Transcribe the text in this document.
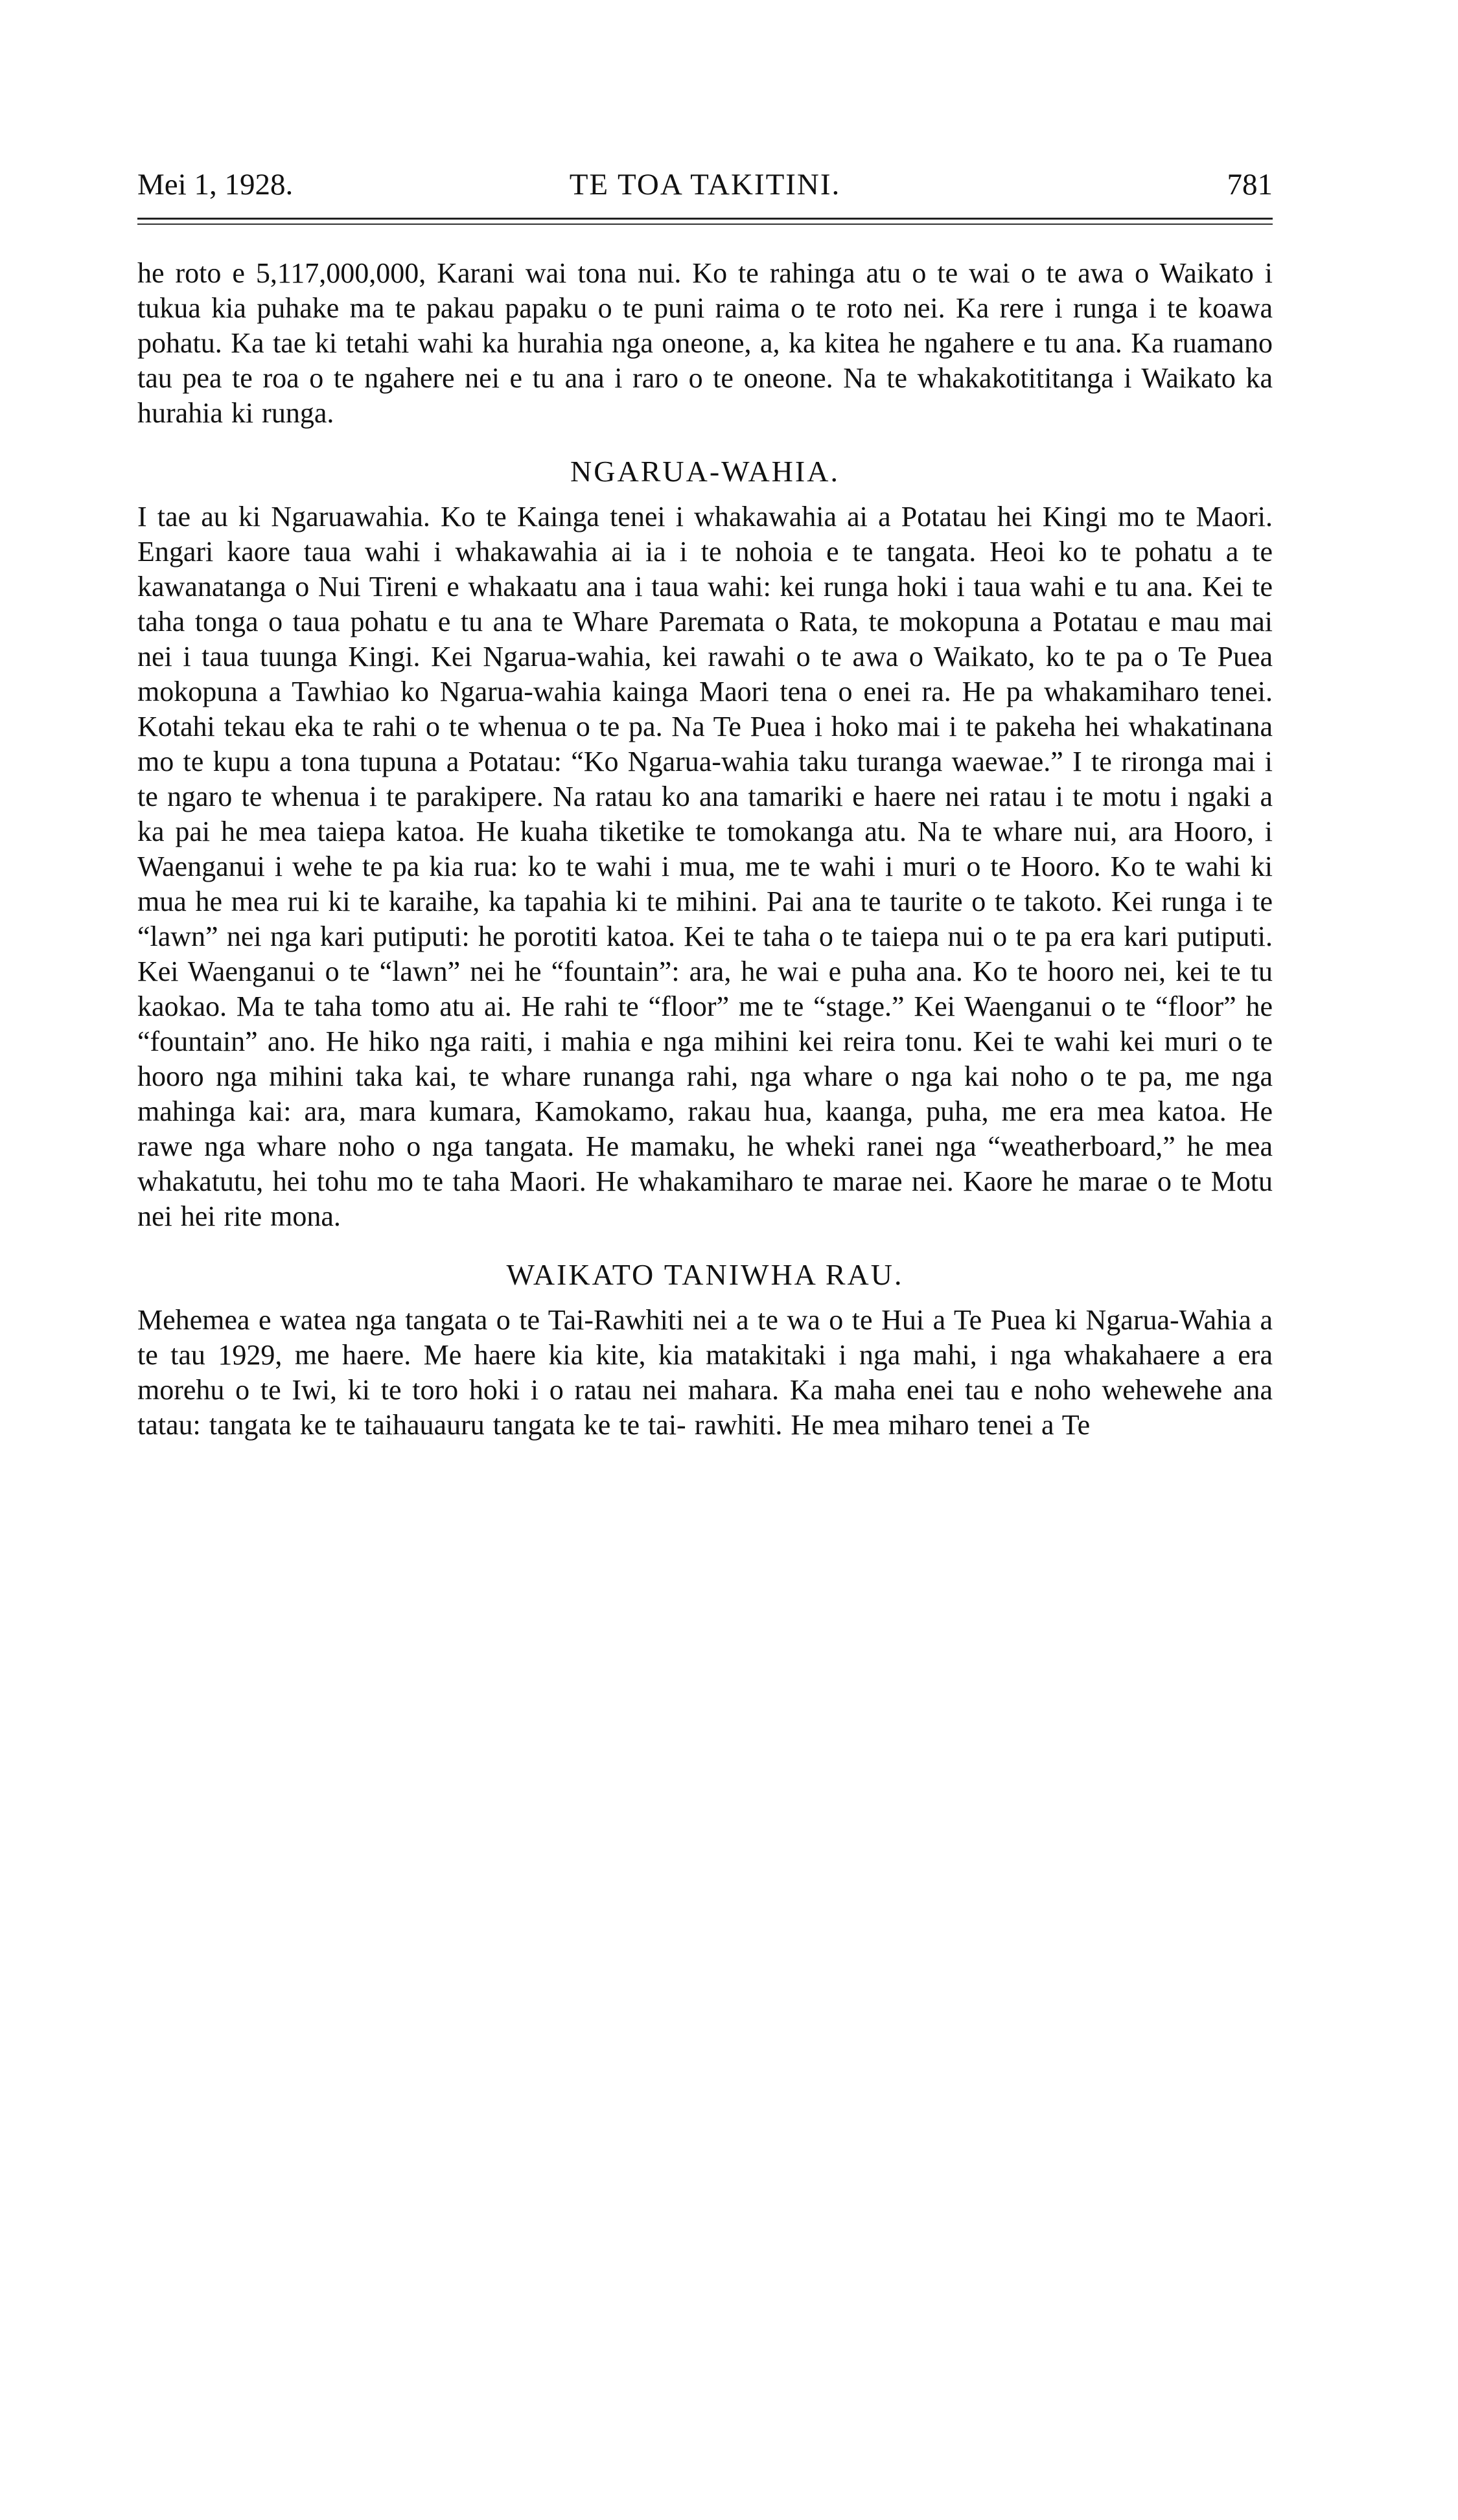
Mei 1, 1928.	TE TOA TAKITINI.	781

he roto e 5,117,000,000, Karani wai tona nui. Ko te rahinga atu o te wai o te awa o Waikato i tukua kia puhake ma te pakau papaku o te puni raima o te roto nei. Ka rere i runga i te koawa pohatu. Ka tae ki tetahi wahi ka hurahia nga oneone, a, ka kitea he ngahere e tu ana. Ka ruamano tau pea te roa o te ngahere nei e tu ana i raro o te oneone. Na te whakakotititanga i Waikato ka hurahia ki runga.

NGARUA-WAHIA.

I tae au ki Ngaruawahia. Ko te Kainga tenei i whakawahia ai a Potatau hei Kingi mo te Maori. Engari kaore taua wahi i whakawahia ai ia i te nohoia e te tangata. Heoi ko te pohatu a te kawanatanga o Nui Tireni e whakaatu ana i taua wahi: kei runga hoki i taua wahi e tu ana. Kei te taha tonga o taua pohatu e tu ana te Whare Paremata o Rata, te mokopuna a Potatau e mau mai nei i taua tuunga Kingi. Kei Ngarua-wahia, kei rawahi o te awa o Waikato, ko te pa o Te Puea mokopuna a Tawhiao ko Ngarua-wahia kainga Maori tena o enei ra. He pa whakamiharo tenei. Kotahi tekau eka te rahi o te whenua o te pa. Na Te Puea i hoko mai i te pakeha hei whakatinana mo te kupu a tona tupuna a Potatau: “Ko Ngarua-wahia taku turanga waewae.” I te rironga mai i te ngaro te whenua i te parakipere. Na ratau ko ana tamariki e haere nei ratau i te motu i ngaki a ka pai he mea taiepa katoa. He kuaha tiketike te tomokanga atu. Na te whare nui, ara Hooro, i Waenganui i wehe te pa kia rua: ko te wahi i mua, me te wahi i muri o te Hooro. Ko te wahi ki mua he mea rui ki te karaihe, ka tapahia ki te mihini. Pai ana te taurite o te takoto. Kei runga i te “lawn” nei nga kari putiputi: he porotiti katoa. Kei te taha o te taiepa nui o te pa era kari putiputi. Kei Waenganui o te “lawn” nei he “fountain”: ara, he wai e puha ana. Ko te hooro nei, kei te tu kaokao. Ma te taha tomo atu ai. He rahi te “floor” me te “stage.” Kei Waenganui o te “floor” he “fountain” ano. He hiko nga raiti, i mahia e nga mihini kei reira tonu. Kei te wahi kei muri o te hooro nga mihini taka kai, te whare runanga rahi, nga whare o nga kai noho o te pa, me nga mahinga kai: ara, mara kumara, Kamokamo, rakau hua, kaanga, puha, me era mea katoa. He rawe nga whare noho o nga tangata. He mamaku, he wheki ranei nga “weatherboard,” he mea whakatutu, hei tohu mo te taha Maori. He whakamiharo te marae nei. Kaore he marae o te Motu nei hei rite mona.

WAIKATO TANIWHA RAU.

Mehemea e watea nga tangata o te Tai-Rawhiti nei a te wa o te Hui a Te Puea ki Ngarua-Wahia a te tau 1929, me haere. Me haere kia kite, kia matakitaki i nga mahi, i nga whakahaere a era morehu o te Iwi, ki te toro hoki i o ratau nei mahara. Ka maha enei tau e noho wehewehe ana tatau: tangata ke te taihauauru tangata ke te tai- rawhiti. He mea miharo tenei a Te
